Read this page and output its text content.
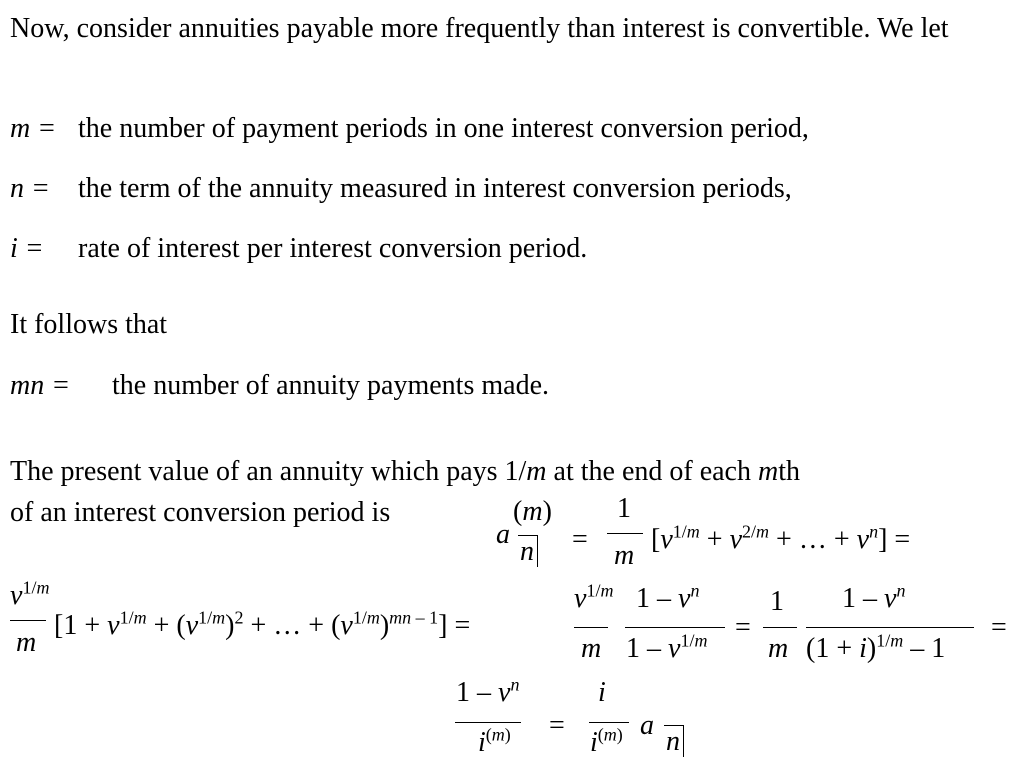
Now, consider annuities payable more frequently than interest is convertible. We let
m = the number of payment periods in one interest conversion period,
n = the term of the annuity measured in interest conversion periods,
i = rate of interest per interest conversion period.
It follows that
mn = the number of annuity payments made.
The present value of an annuity which pays 1/m at the end of each mth
of an interest conversion period is
a
(m)
n =
1
m
[$v^{1/m} + v^{2/m}$ + … + $v^n$] =
$v^{1/m}$
m
[$1 + v^{1/m} + (v^{1/m})^2$ + … + $(v^{1/m})^{mn}$ $^{- 1}$] =
$v^{1/m}$
m
$1 - v^n$
$1 - v^{1/m}$ =
1
m
$1 - v^n$
$(1 + i)^{1/m} - 1$
=
$1 - v^n$
$i^{(m)}$ =
i
$i^{(m)}$ a
n
